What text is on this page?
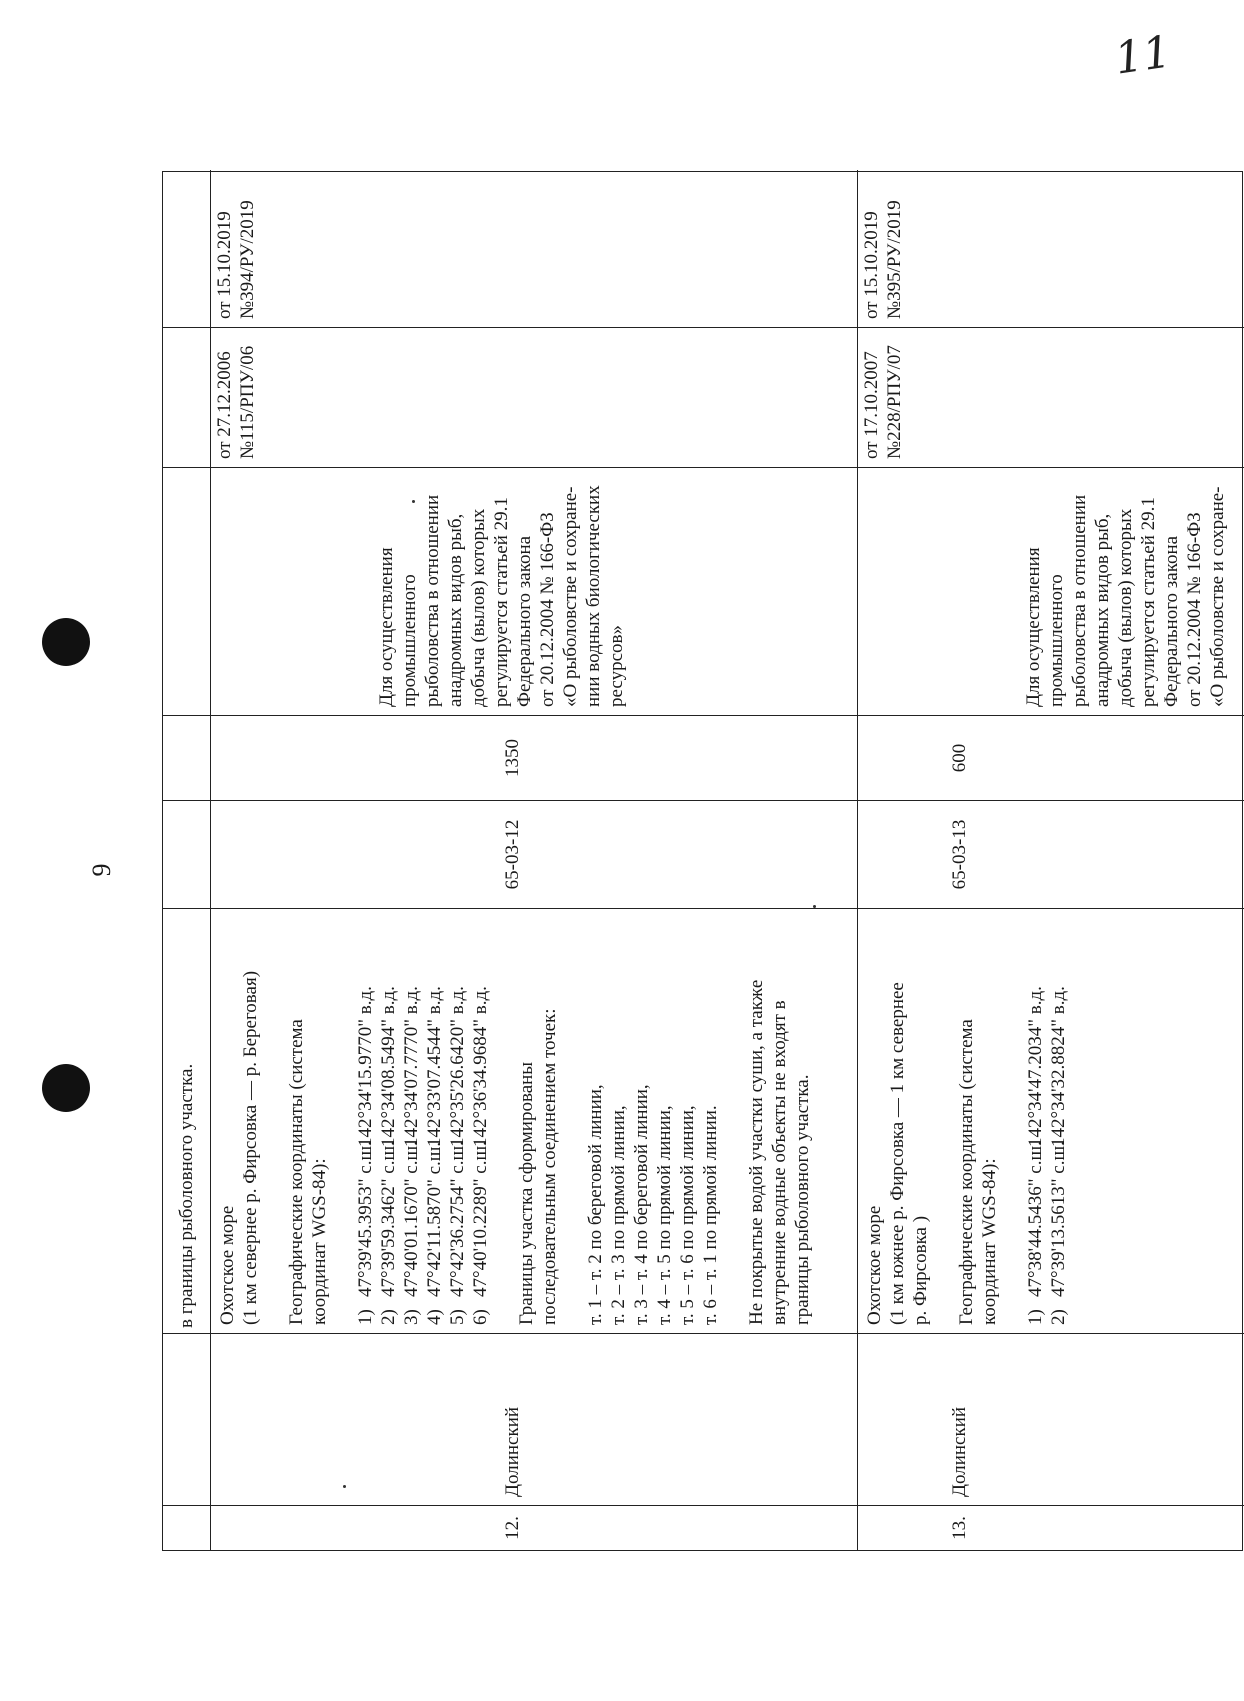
9
11
в границы рыболовного участка.
12.
Долинский
Охотское море (1 км севернее р. Фирсовка — р. Береговая) Географические координаты (система координат WGS-84): 1)
47°39'45.3953" с.ш.
142°34'15.9770" в.д.
2)
47°39'59.3462" с.ш.
142°34'08.5494" в.д.
3)
47°40'01.1670" с.ш.
142°34'07.7770" в.д.
4)
47°42'11.5870" с.ш.
142°33'07.4544" в.д.
5)
47°42'36.2754" с.ш.
142°35'26.6420" в.д.
6)
47°40'10.2289" с.ш.
142°36'34.9684" в.д. Границы участка сформированы последовательным соединением точек: т. 1 – т. 2 по береговой линии, т. 2 – т. 3 по прямой линии, т. 3 – т. 4 по береговой линии, т. 4 – т. 5 по прямой линии, т. 5 – т. 6 по прямой линии, т. 6 – т. 1 по прямой линии. Не покрытые водой участки суши, а также внутренние водные объекты не входят в границы рыболовного участка.
65-03-12
1350
Для осуществления промышленного рыболовства в отношении анадромных видов рыб, добыча (вылов) которых регулируется статьей 29.1 Федерального закона от 20.12.2004 № 166-ФЗ «О рыболовстве и сохране- нии водных биологических ресурсов»
от 27.12.2006 №115/РПУ/06
от 15.10.2019 №394/РУ/2019
13.
Долинский
Охотское море (1 км южнее р. Фирсовка — 1 км севернее р. Фирсовка ) Географические координаты (система координат WGS-84): 1)
47°38'44.5436" с.ш.
142°34'47.2034" в.д.
2)
47°39'13.5613" с.ш.
142°34'32.8824" в.д.
65-03-13
600
Для осуществления промышленного рыболовства в отношении анадромных видов рыб, добыча (вылов) которых регулируется статьей 29.1 Федерального закона от 20.12.2004 № 166-ФЗ «О рыболовстве и сохране-
от 17.10.2007 №228/РПУ/07
от 15.10.2019 №395/РУ/2019
